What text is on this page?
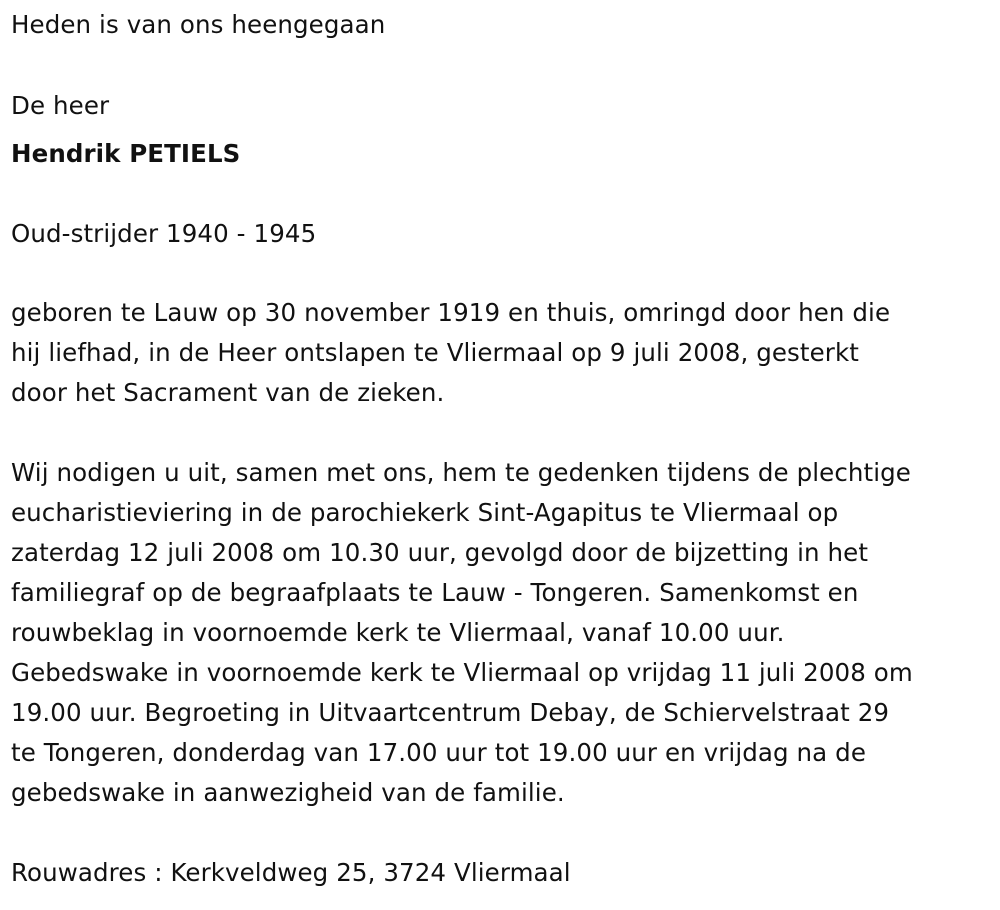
Heden is van ons heengegaan
De heer
Hendrik PETIELS
Oud-strijder 1940 - 1945
geboren te Lauw op 30 november 1919 en thuis, omringd door hen die
hij liefhad, in de Heer ontslapen te Vliermaal op 9 juli 2008, gesterkt
door het Sacrament van de zieken.
Wij nodigen u uit, samen met ons, hem te gedenken tijdens de plechtige
eucharistieviering in de parochiekerk Sint-Agapitus te Vliermaal op
zaterdag 12 juli 2008 om 10.30 uur, gevolgd door de bijzetting in het
familiegraf op de begraafplaats te Lauw - Tongeren. Samenkomst en
rouwbeklag in voornoemde kerk te Vliermaal, vanaf 10.00 uur.
Gebedswake in voornoemde kerk te Vliermaal op vrijdag 11 juli 2008 om
19.00 uur. Begroeting in Uitvaartcentrum Debay, de Schiervelstraat 29
te Tongeren, donderdag van 17.00 uur tot 19.00 uur en vrijdag na de
gebedswake in aanwezigheid van de familie.
Rouwadres : Kerkveldweg 25, 3724 Vliermaal
